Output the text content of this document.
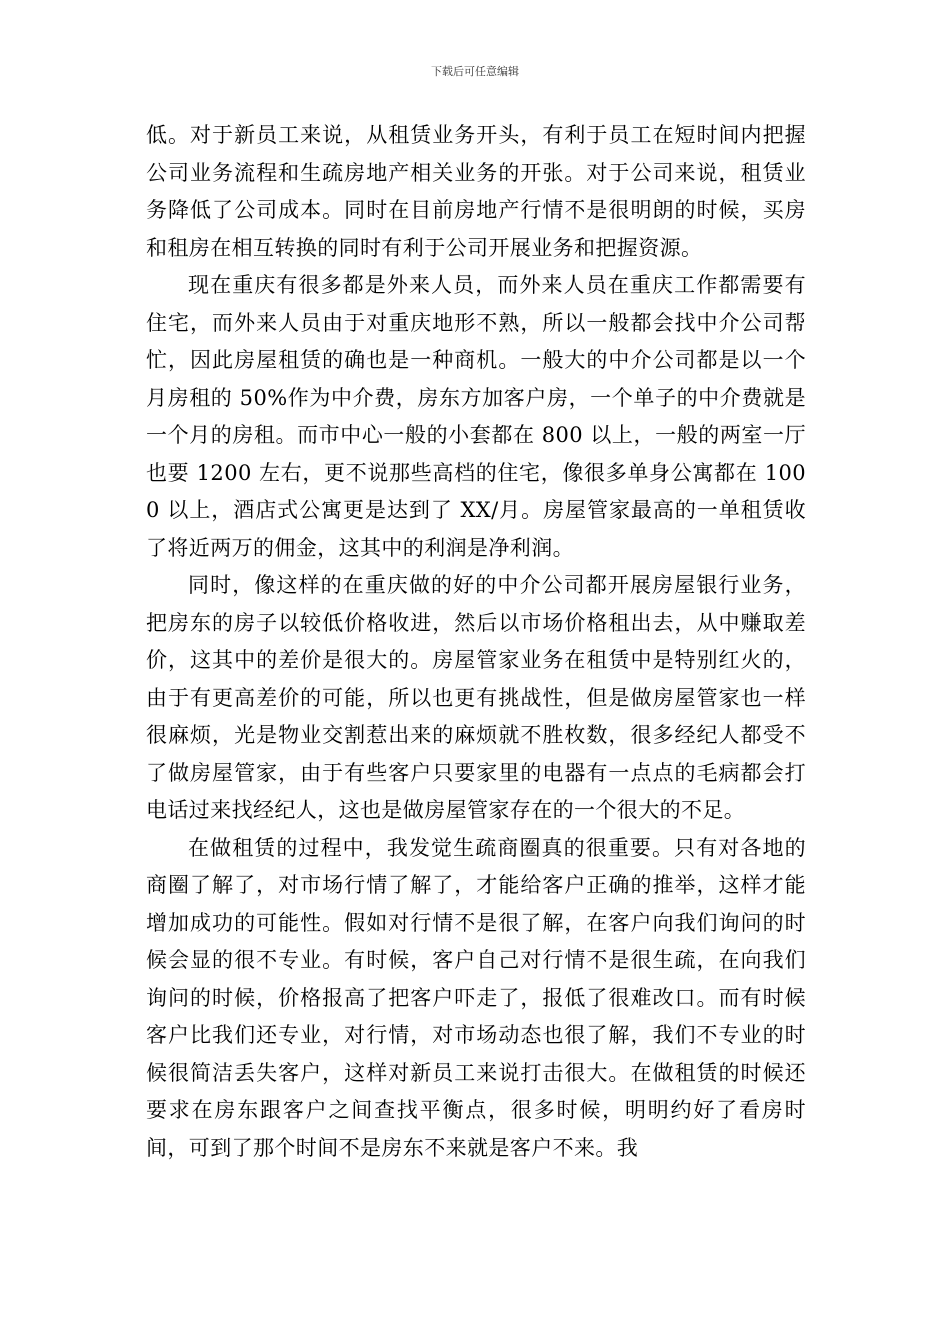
下载后可任意编辑

低。对于新员工来说，从租赁业务开头，有利于员工在短时间内把握公司业务流程和生疏房地产相关业务的开张。对于公司来说，租赁业务降低了公司成本。同时在目前房地产行情不是很明朗的时候，买房和租房在相互转换的同时有利于公司开展业务和把握资源。

现在重庆有很多都是外来人员，而外来人员在重庆工作都需要有住宅，而外来人员由于对重庆地形不熟，所以一般都会找中介公司帮忙，因此房屋租赁的确也是一种商机。一般大的中介公司都是以一个月房租的 50%作为中介费，房东方加客户房，一个单子的中介费就是一个月的房租。而市中心一般的小套都在 800 以上，一般的两室一厅也要 1200 左右，更不说那些高档的住宅，像很多单身公寓都在 1000 以上，酒店式公寓更是达到了 XX/月。房屋管家最高的一单租赁收了将近两万的佣金，这其中的利润是净利润。

同时，像这样的在重庆做的好的中介公司都开展房屋银行业务，把房东的房子以较低价格收进，然后以市场价格租出去，从中赚取差价，这其中的差价是很大的。房屋管家业务在租赁中是特别红火的，由于有更高差价的可能，所以也更有挑战性，但是做房屋管家也一样很麻烦，光是物业交割惹出来的麻烦就不胜枚数，很多经纪人都受不了做房屋管家，由于有些客户只要家里的电器有一点点的毛病都会打电话过来找经纪人，这也是做房屋管家存在的一个很大的不足。

在做租赁的过程中，我发觉生疏商圈真的很重要。只有对各地的商圈了解了，对市场行情了解了，才能给客户正确的推举，这样才能增加成功的可能性。假如对行情不是很了解，在客户向我们询问的时候会显的很不专业。有时候，客户自己对行情不是很生疏，在向我们询问的时候，价格报高了把客户吓走了，报低了很难改口。而有时候客户比我们还专业，对行情，对市场动态也很了解，我们不专业的时候很简洁丢失客户，这样对新员工来说打击很大。在做租赁的时候还要求在房东跟客户之间查找平衡点，很多时候，明明约好了看房时间，可到了那个时间不是房东不来就是客户不来。我
